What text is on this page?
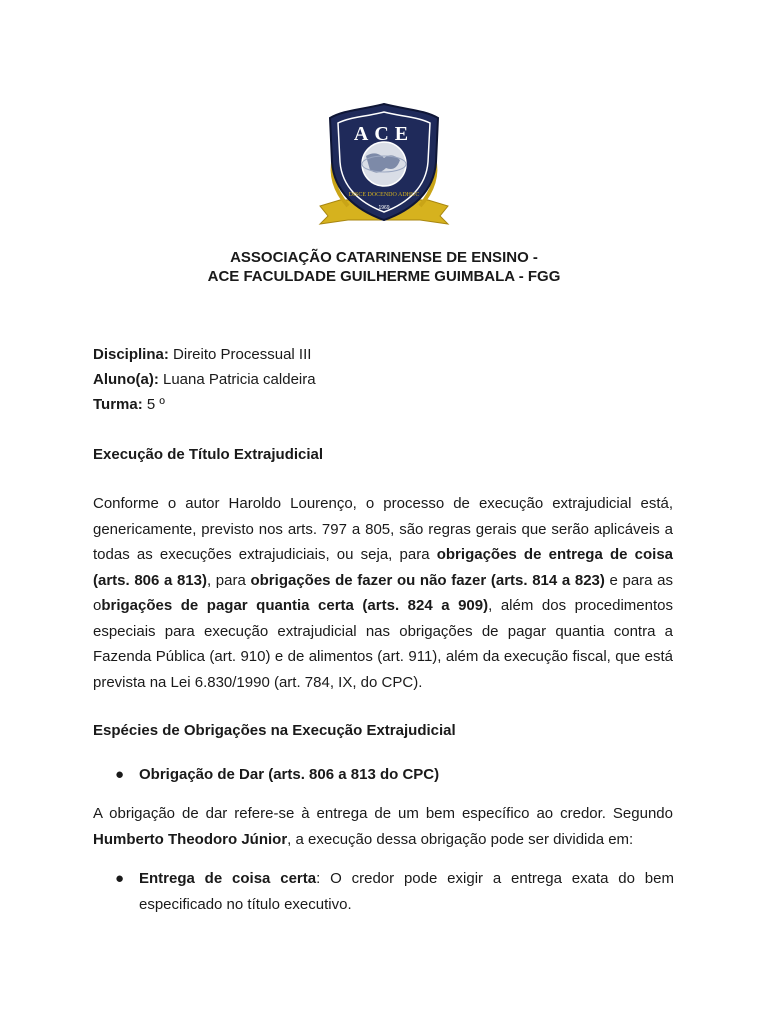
ACE
DISCE DOCENDO ADHUC
1969
ASSOCIAÇÃO CATARINENSE DE ENSINO -
ACE FACULDADE GUILHERME GUIMBALA - FGG
Disciplina: Direito Processual III
Aluno(a): Luana Patricia caldeira
Turma: 5 º
Execução de Título Extrajudicial
Conforme o autor Haroldo Lourenço, o processo de execução extrajudicial está, genericamente, previsto nos arts. 797 a 805, são regras gerais que serão aplicáveis a todas as execuções extrajudiciais, ou seja, para obrigações de entrega de coisa (arts. 806 a 813), para obrigações de fazer ou não fazer (arts. 814 a 823) e para as obrigações de pagar quantia certa (arts. 824 a 909), além dos procedimentos especiais para execução extrajudicial nas obrigações de pagar quantia contra a Fazenda Pública (art. 910) e de alimentos (art. 911), além da execução fiscal, que está prevista na Lei 6.830/1990 (art. 784, IX, do CPC).
Espécies de Obrigações na Execução Extrajudicial
● Obrigação de Dar (arts. 806 a 813 do CPC)
A obrigação de dar refere-se à entrega de um bem específico ao credor. Segundo Humberto Theodoro Júnior, a execução dessa obrigação pode ser dividida em:
● Entrega de coisa certa: O credor pode exigir a entrega exata do bem especificado no título executivo.
